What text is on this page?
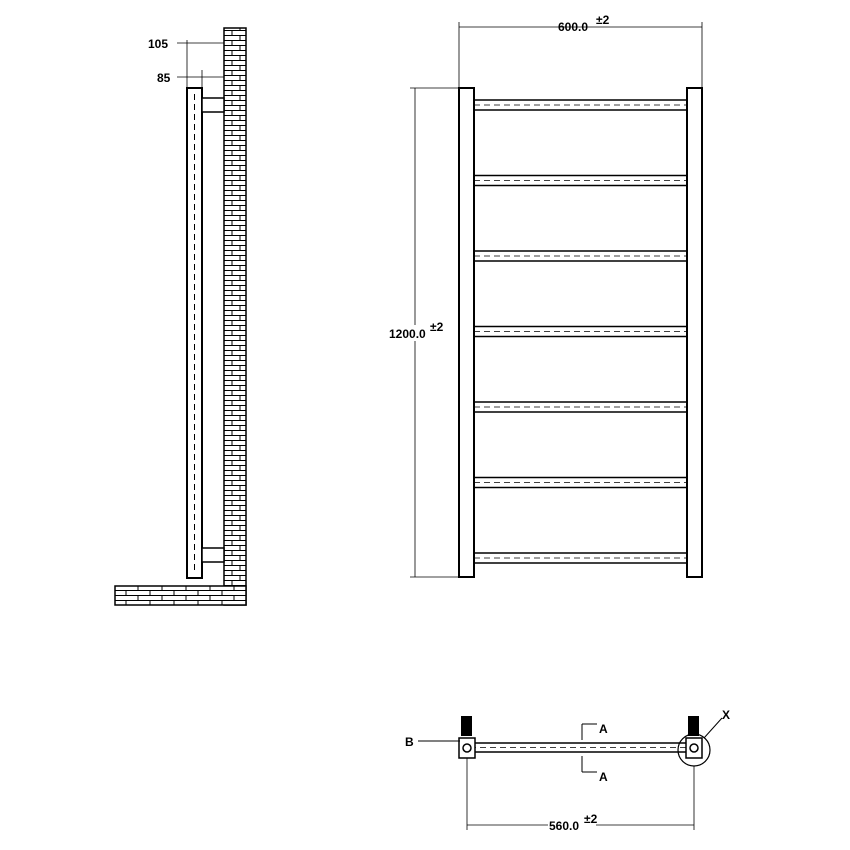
105
85
600.0 ±2
1200.0 ±2
B
A
A
X
560.0 ±2
